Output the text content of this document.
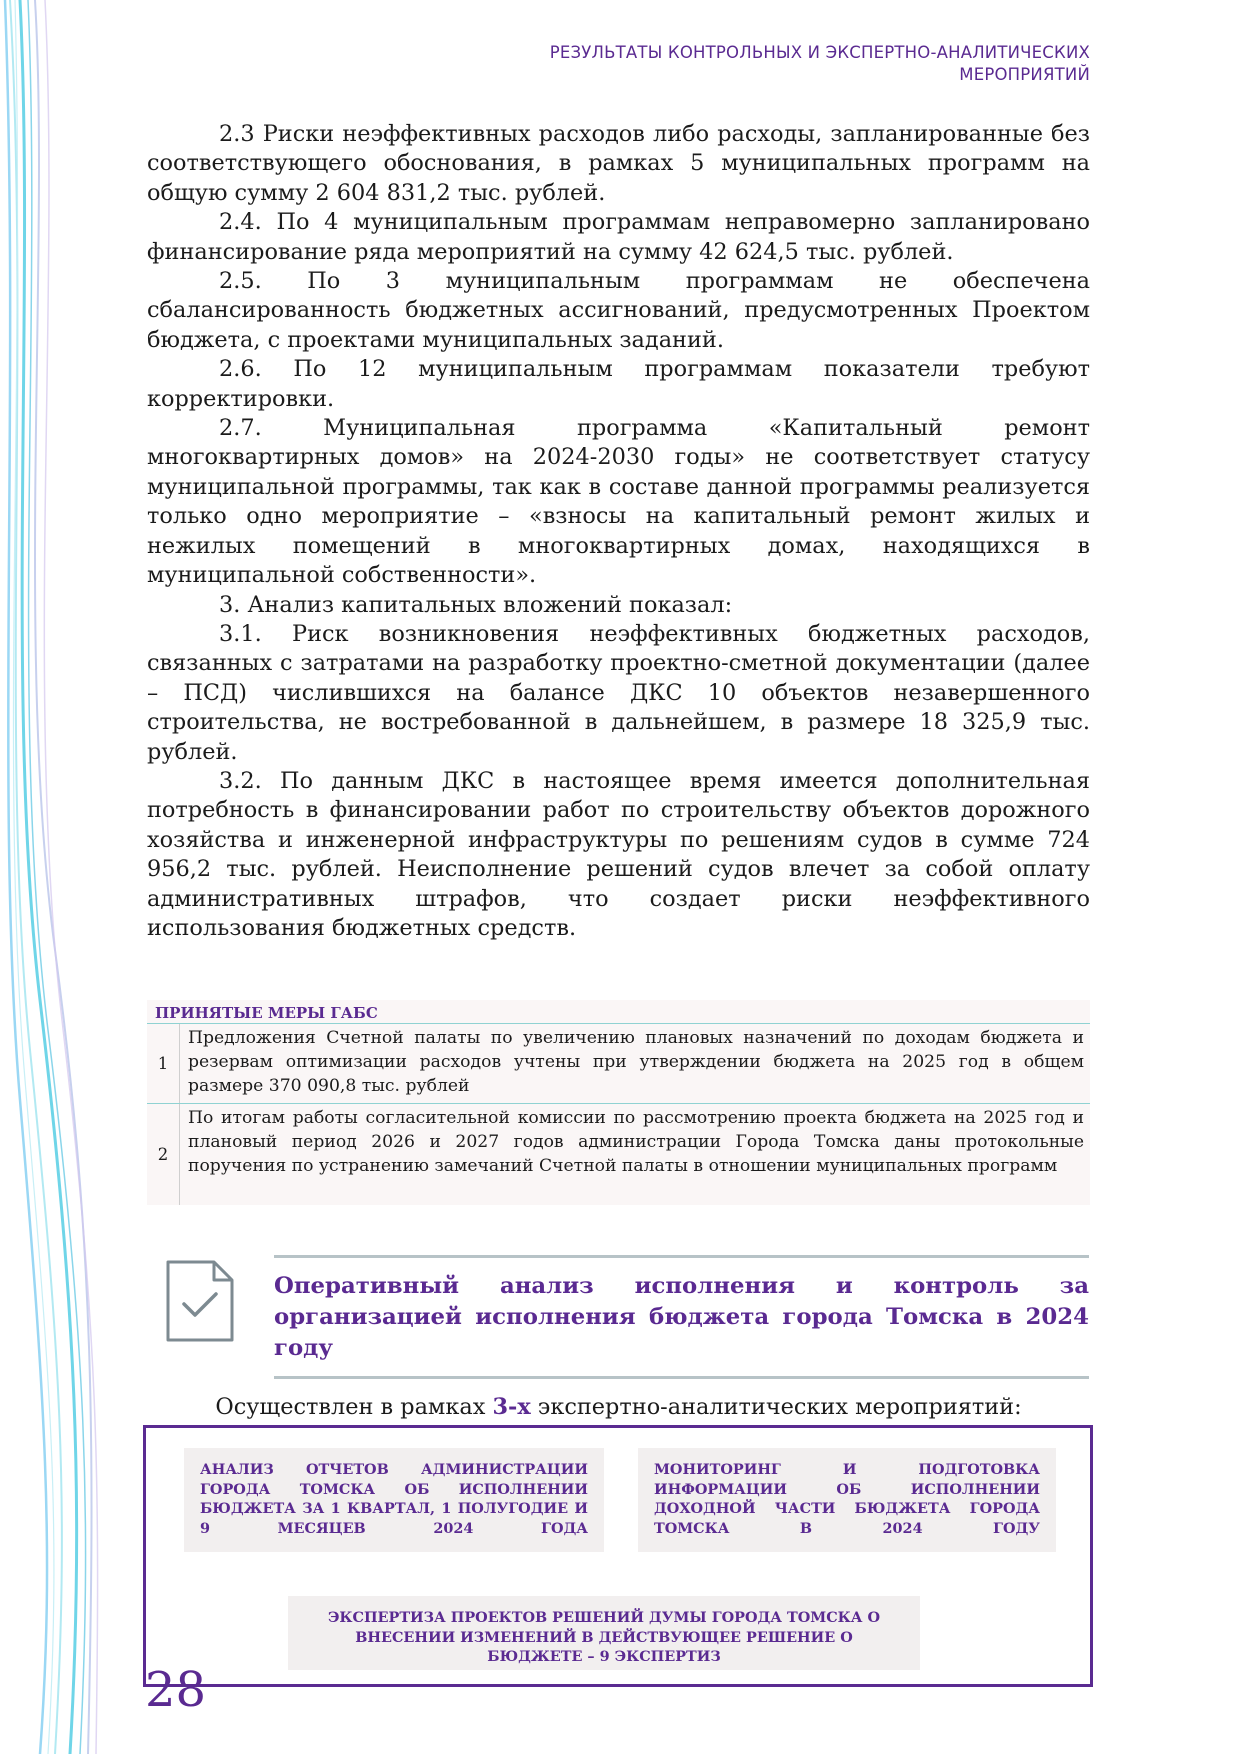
РЕЗУЛЬТАТЫ КОНТРОЛЬНЫХ И ЭКСПЕРТНО-АНАЛИТИЧЕСКИХ
МЕРОПРИЯТИЙ

2.3 Риски неэффективных расходов либо расходы, запланированные без соответствующего обоснования, в рамках 5 муниципальных программ на общую сумму 2 604 831,2 тыс. рублей.

2.4. По 4 муниципальным программам неправомерно запланировано финансирование ряда мероприятий на сумму 42 624,5 тыс. рублей.

2.5. По 3 муниципальным программам не обеспечена сбалансированность бюджетных ассигнований, предусмотренных Проектом бюджета, с проектами муниципальных заданий.

2.6. По 12 муниципальным программам показатели требуют корректировки.

2.7. Муниципальная программа «Капитальный ремонт многоквартирных домов» на 2024-2030 годы» не соответствует статусу муниципальной программы, так как в составе данной программы реализуется только одно мероприятие – «взносы на капитальный ремонт жилых и нежилых помещений в многоквартирных домах, находящихся в муниципальной собственности».

3. Анализ капитальных вложений показал:

3.1. Риск возникновения неэффективных бюджетных расходов, связанных с затратами на разработку проектно-сметной документации (далее – ПСД) числившихся на балансе ДКС 10 объектов незавершенного строительства, не востребованной в дальнейшем, в размере 18 325,9 тыс. рублей.

3.2. По данным ДКС в настоящее время имеется дополнительная потребность в финансировании работ по строительству объектов дорожного хозяйства и инженерной инфраструктуры по решениям судов в сумме 724 956,2 тыс. рублей. Неисполнение решений судов влечет за собой оплату административных штрафов, что создает риски неэффективного использования бюджетных средств.

ПРИНЯТЫЕ МЕРЫ ГАБС
1
Предложения Счетной палаты по увеличению плановых назначений по доходам бюджета и резервам оптимизации расходов учтены при утверждении бюджета на 2025 год в общем размере 370 090,8 тыс. рублей
2
По итогам работы согласительной комиссии по рассмотрению проекта бюджета на 2025 год и плановый период 2026 и 2027 годов администрации Города Томска даны протокольные поручения по устранению замечаний Счетной палаты в отношении муниципальных программ
Оперативный анализ исполнения и контроль за организацией исполнения бюджета города Томска в 2024 году
Осуществлен в рамках 3-х экспертно-аналитических мероприятий:
АНАЛИЗ ОТЧЕТОВ АДМИНИСТРАЦИИ ГОРОДА ТОМСКА ОБ ИСПОЛНЕНИИ БЮДЖЕТА ЗА 1 КВАРТАЛ, 1 ПОЛУГОДИЕ И 9 МЕСЯЦЕВ 2024 ГОДА
МОНИТОРИНГ И ПОДГОТОВКА ИНФОРМАЦИИ ОБ ИСПОЛНЕНИИ ДОХОДНОЙ ЧАСТИ БЮДЖЕТА ГОРОДА ТОМСКА В 2024 ГОДУ
ЭКСПЕРТИЗА ПРОЕКТОВ РЕШЕНИЙ ДУМЫ ГОРОДА ТОМСКА О ВНЕСЕНИИ ИЗМЕНЕНИЙ В ДЕЙСТВУЮЩЕЕ РЕШЕНИЕ О БЮДЖЕТЕ – 9 ЭКСПЕРТИЗ
28
